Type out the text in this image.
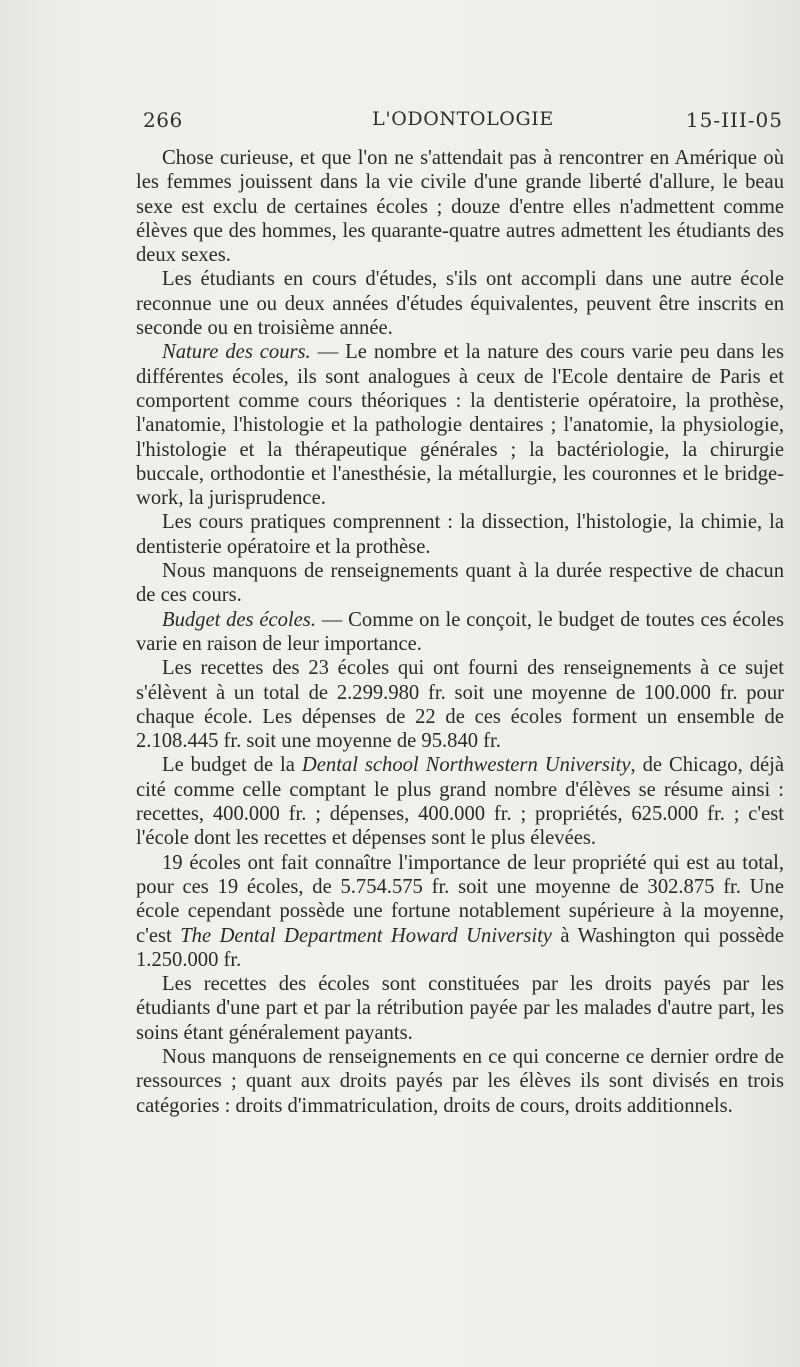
266	L'ODONTOLOGIE	15-III-05

Chose curieuse, et que l'on ne s'attendait pas à rencontrer en Amérique où les femmes jouissent dans la vie civile d'une grande liberté d'allure, le beau sexe est exclu de certaines écoles ; douze d'entre elles n'admettent comme élèves que des hommes, les quarante-quatre autres admettent les étudiants des deux sexes.

Les étudiants en cours d'études, s'ils ont accompli dans une autre école reconnue une ou deux années d'études équivalentes, peuvent être inscrits en seconde ou en troisième année.

Nature des cours. — Le nombre et la nature des cours varie peu dans les différentes écoles, ils sont analogues à ceux de l'Ecole dentaire de Paris et comportent comme cours théoriques : la dentisterie opératoire, la prothèse, l'anatomie, l'histologie et la pathologie dentaires ; l'anatomie, la physiologie, l'histologie et la thérapeutique générales ; la bactériologie, la chirurgie buccale, orthodontie et l'anesthésie, la métallurgie, les couronnes et le bridge-work, la jurisprudence.

Les cours pratiques comprennent : la dissection, l'histologie, la chimie, la dentisterie opératoire et la prothèse.

Nous manquons de renseignements quant à la durée respective de chacun de ces cours.

Budget des écoles. — Comme on le conçoit, le budget de toutes ces écoles varie en raison de leur importance.

Les recettes des 23 écoles qui ont fourni des renseignements à ce sujet s'élèvent à un total de 2.299.980 fr. soit une moyenne de 100.000 fr. pour chaque école. Les dépenses de 22 de ces écoles forment un ensemble de 2.108.445 fr. soit une moyenne de 95.840 fr.

Le budget de la Dental school Northwestern University, de Chicago, déjà cité comme celle comptant le plus grand nombre d'élèves se résume ainsi : recettes, 400.000 fr. ; dépenses, 400.000 fr. ; propriétés, 625.000 fr. ; c'est l'école dont les recettes et dépenses sont le plus élevées.

19 écoles ont fait connaître l'importance de leur propriété qui est au total, pour ces 19 écoles, de 5.754.575 fr. soit une moyenne de 302.875 fr. Une école cependant possède une fortune notablement supérieure à la moyenne, c'est The Dental Department Howard University à Washington qui possède 1.250.000 fr.

Les recettes des écoles sont constituées par les droits payés par les étudiants d'une part et par la rétribution payée par les malades d'autre part, les soins étant généralement payants.

Nous manquons de renseignements en ce qui concerne ce dernier ordre de ressources ; quant aux droits payés par les élèves ils sont divisés en trois catégories : droits d'immatriculation, droits de cours, droits additionnels.
